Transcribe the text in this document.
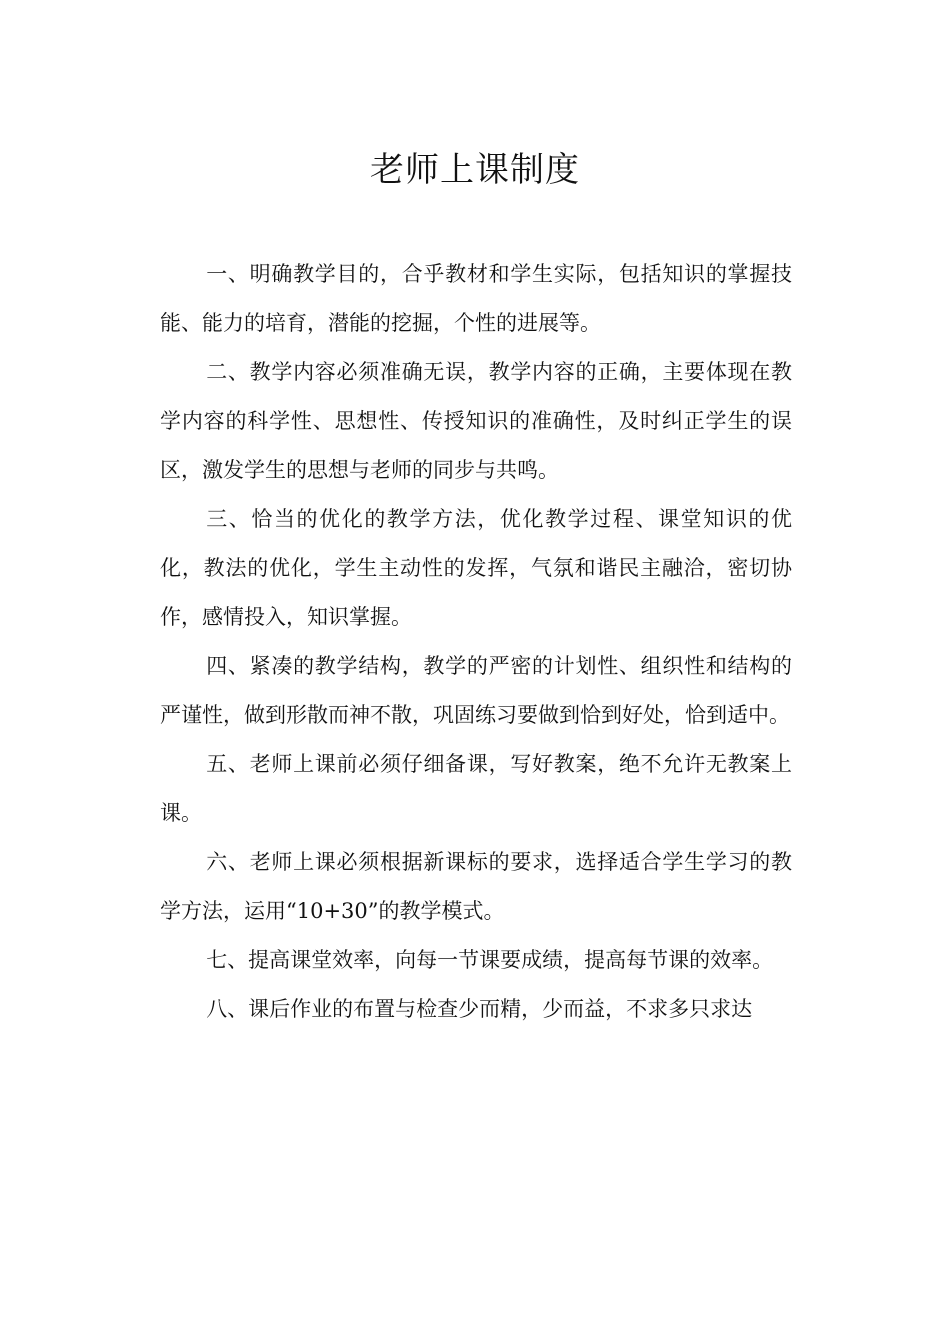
老师上课制度

一、明确教学目的，合乎教材和学生实际，包括知识的掌握技能、能力的培育，潜能的挖掘，个性的进展等。

二、教学内容必须准确无误，教学内容的正确，主要体现在教学内容的科学性、思想性、传授知识的准确性，及时纠正学生的误区，激发学生的思想与老师的同步与共鸣。

三、恰当的优化的教学方法，优化教学过程、课堂知识的优化，教法的优化，学生主动性的发挥，气氛和谐民主融洽，密切协作，感情投入，知识掌握。

四、紧凑的教学结构，教学的严密的计划性、组织性和结构的严谨性，做到形散而神不散，巩固练习要做到恰到好处，恰到适中。

五、老师上课前必须仔细备课，写好教案，绝不允许无教案上课。

六、老师上课必须根据新课标的要求，选择适合学生学习的教学方法，运用“10+30”的教学模式。

七、提高课堂效率，向每一节课要成绩，提高每节课的效率。

八、课后作业的布置与检查少而精，少而益，不求多只求达
